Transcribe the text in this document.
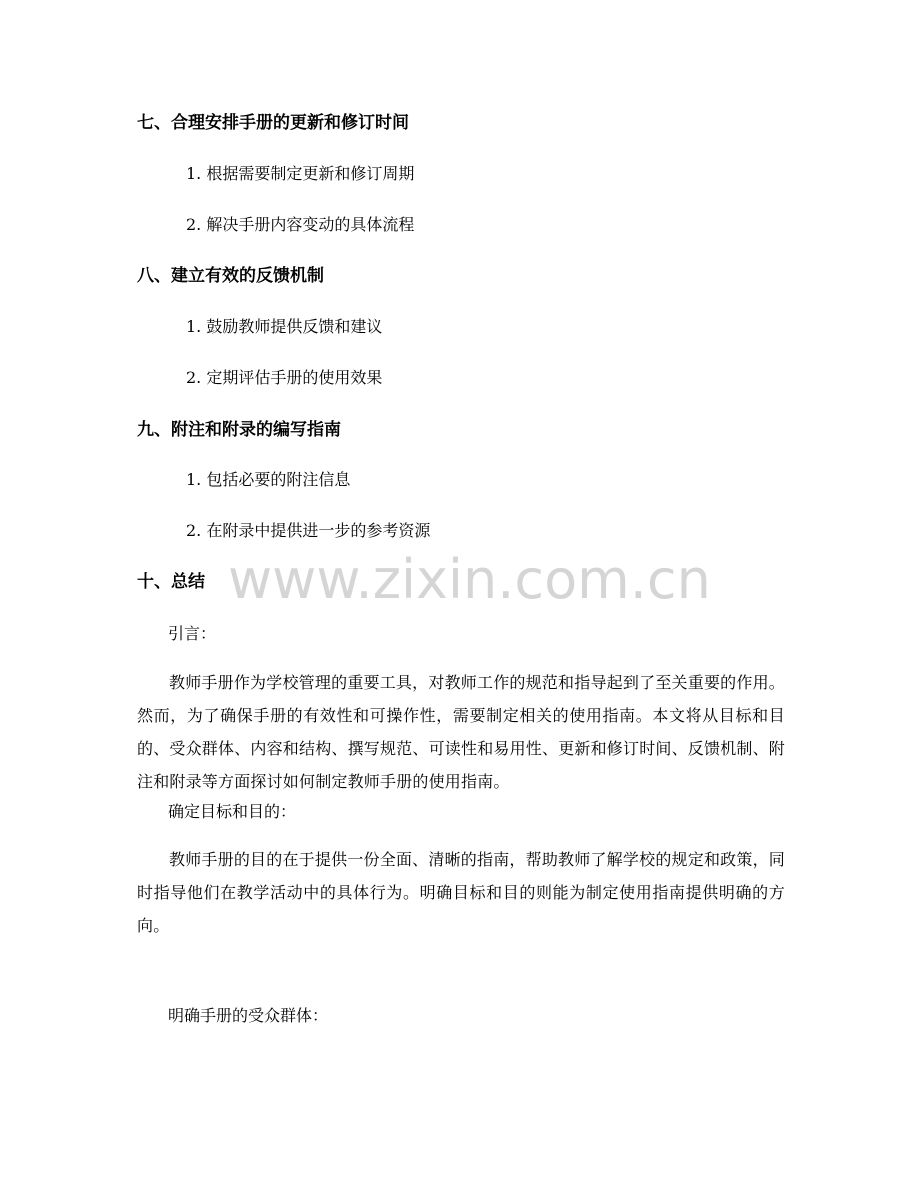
七、合理安排手册的更新和修订时间
1. 根据需要制定更新和修订周期
2. 解决手册内容变动的具体流程
八、建立有效的反馈机制
1. 鼓励教师提供反馈和建议
2. 定期评估手册的使用效果
九、附注和附录的编写指南
1. 包括必要的附注信息
2. 在附录中提供进一步的参考资源
十、总结
引言：
教师手册作为学校管理的重要工具，对教师工作的规范和指导起到了至关重要的作用。然而，为了确保手册的有效性和可操作性，需要制定相关的使用指南。本文将从目标和目的、受众群体、内容和结构、撰写规范、可读性和易用性、更新和修订时间、反馈机制、附注和附录等方面探讨如何制定教师手册的使用指南。
确定目标和目的：
教师手册的目的在于提供一份全面、清晰的指南，帮助教师了解学校的规定和政策，同时指导他们在教学活动中的具体行为。明确目标和目的则能为制定使用指南提供明确的方向。
明确手册的受众群体：
www.zixin.com.cn
